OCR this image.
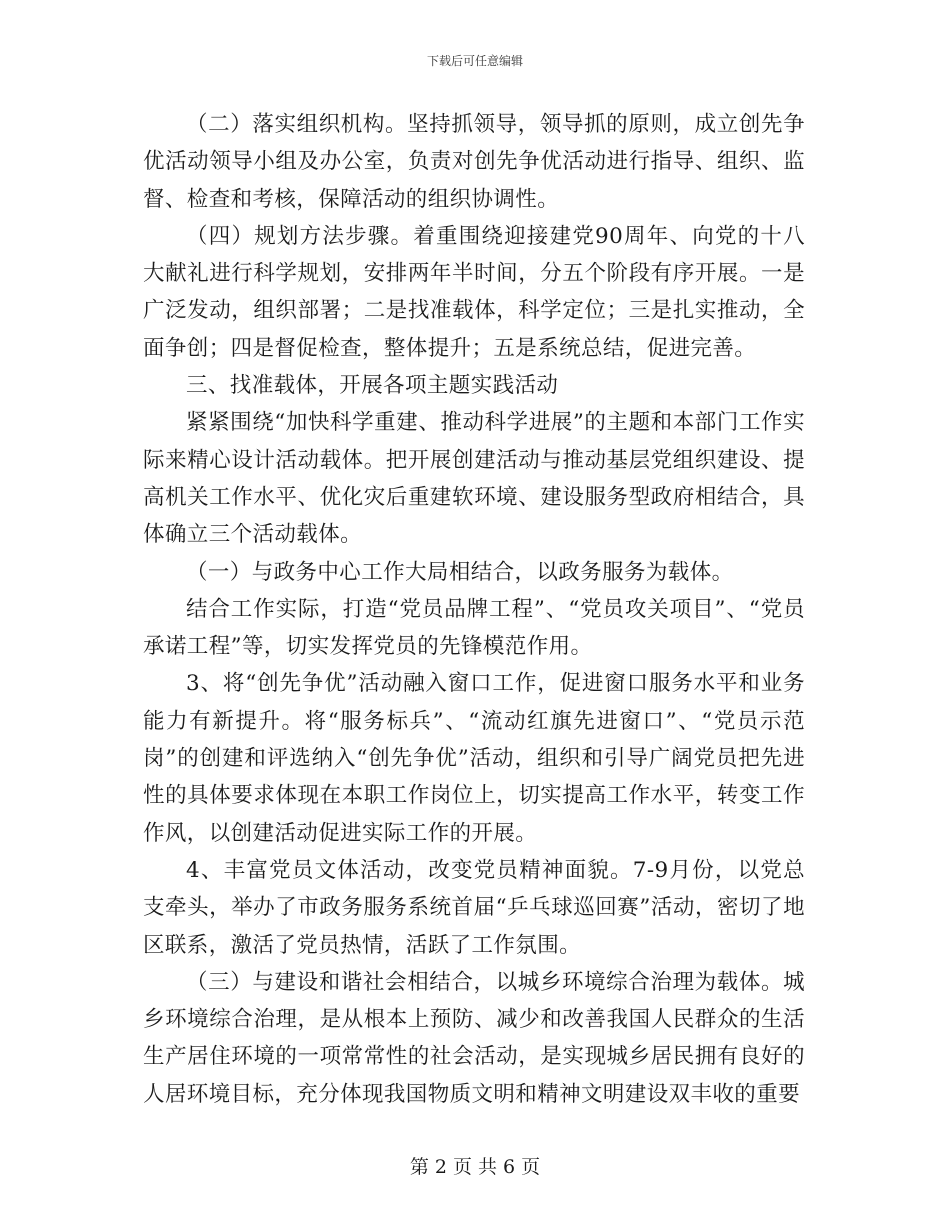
下载后可任意编辑

（二）落实组织机构。坚持抓领导，领导抓的原则，成立创先争优活动领导小组及办公室，负责对创先争优活动进行指导、组织、监督、检查和考核，保障活动的组织协调性。

（四）规划方法步骤。着重围绕迎接建党90周年、向党的十八大献礼进行科学规划，安排两年半时间，分五个阶段有序开展。一是广泛发动，组织部署；二是找准载体，科学定位；三是扎实推动，全面争创；四是督促检查，整体提升；五是系统总结，促进完善。

三、找准载体，开展各项主题实践活动

紧紧围绕“加快科学重建、推动科学进展”的主题和本部门工作实际来精心设计活动载体。把开展创建活动与推动基层党组织建设、提高机关工作水平、优化灾后重建软环境、建设服务型政府相结合，具体确立三个活动载体。

（一）与政务中心工作大局相结合，以政务服务为载体。

结合工作实际，打造“党员品牌工程”、“党员攻关项目”、“党员承诺工程”等，切实发挥党员的先锋模范作用。

3、将“创先争优”活动融入窗口工作，促进窗口服务水平和业务能力有新提升。将“服务标兵”、“流动红旗先进窗口”、“党员示范岗”的创建和评选纳入“创先争优”活动，组织和引导广阔党员把先进性的具体要求体现在本职工作岗位上，切实提高工作水平，转变工作作风，以创建活动促进实际工作的开展。

4、丰富党员文体活动，改变党员精神面貌。7-9月份，以党总支牵头，举办了市政务服务系统首届“乒乓球巡回赛”活动，密切了地区联系，激活了党员热情，活跃了工作氛围。

（三）与建设和谐社会相结合，以城乡环境综合治理为载体。城乡环境综合治理，是从根本上预防、减少和改善我国人民群众的生活生产居住环境的一项常常性的社会活动，是实现城乡居民拥有良好的人居环境目标，充分体现我国物质文明和精神文明建设双丰收的重要

第 2 页 共 6 页
